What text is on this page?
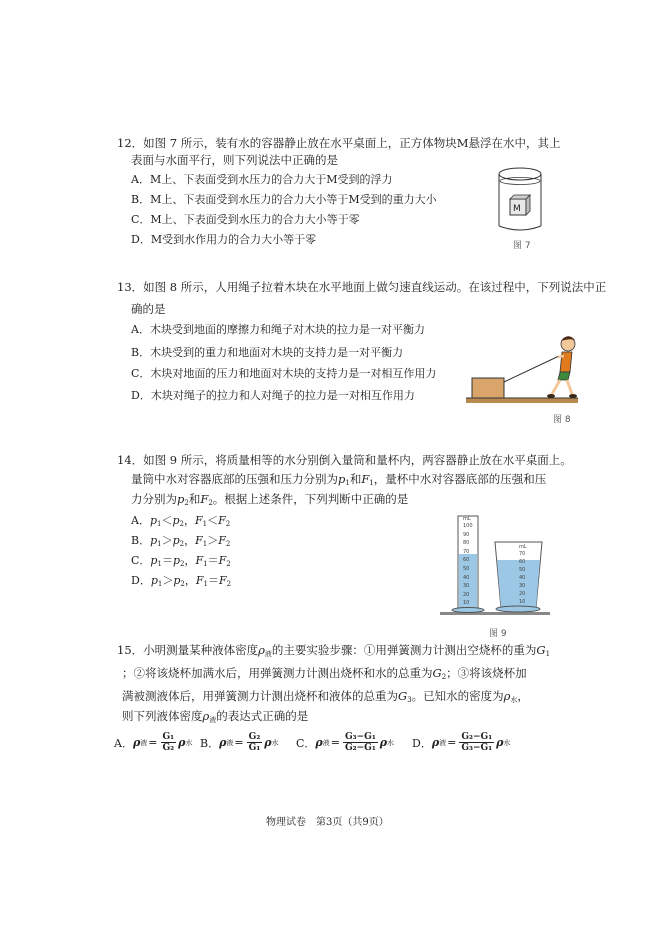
12．如图 7 所示，装有水的容器静止放在水平桌面上，正方体物块M悬浮在水中，其上
表面与水面平行，则下列说法中正确的是
A．M上、下表面受到水压力的合力大于M受到的浮力
B．M上、下表面受到水压力的合力大小等于M受到的重力大小
C．M上、下表面受到水压力的合力大小等于零
D．M受到水作用力的合力大小等于零
M
图 7
13．如图 8 所示，人用绳子拉着木块在水平地面上做匀速直线运动。在该过程中，下列说法中正
确的是
A．木块受到地面的摩擦力和绳子对木块的拉力是一对平衡力
B．木块受到的重力和地面对木块的支持力是一对平衡力
C．木块对地面的压力和地面对木块的支持力是一对相互作用力
D．木块对绳子的拉力和人对绳子的拉力是一对相互作用力
图 8
14．如图 9 所示，将质量相等的水分别倒入量筒和量杯内，两容器静止放在水平桌面上。
量筒中水对容器底部的压强和压力分别为$p_1$和$F_1$，量杯中水对容器底部的压强和压
力分别为$p_2$和$F_2$。根据上述条件，下列判断中正确的是
A．$p_1<p_2$，$F_1<F_2$
B．$p_1>p_2$，$F_1>F_2$
C．$p_1=p_2$，$F_1=F_2$
D．$p_1>p_2$，$F_1=F_2$
mL
100
90
80
70
60
50
40
30
20
10
mL
70
60
50
40
30
20
10
图 9
15．小明测量某种液体密度$\rho_液$的主要实验步骤：①用弹簧测力计测出空烧杯的重为$G_1$
；②将该烧杯加满水后，用弹簧测力计测出烧杯和水的总重为$G_2$；③将该烧杯加
满被测液体后，用弹簧测力计测出烧杯和液体的总重为$G_3$。已知水的密度为$\rho_水$，
则下列液体密度$\rho_液$的表达式正确的是
A． ρ 液 = $\frac{\text{G₁}}{\text{G₂}}$ ρ 水 B． ρ 液 = $\frac{\text{G₂}}{\text{G₁}}$ ρ 水 C． ρ 液 = $\frac{\text{G₃−G₁}}{\text{G₂−G₁}}$ ρ 水 D． ρ 液 = $\frac{\text{G₂−G₁}}{\text{G₃−G₁}}$ ρ 水
物理试卷　第3页（共9页）
